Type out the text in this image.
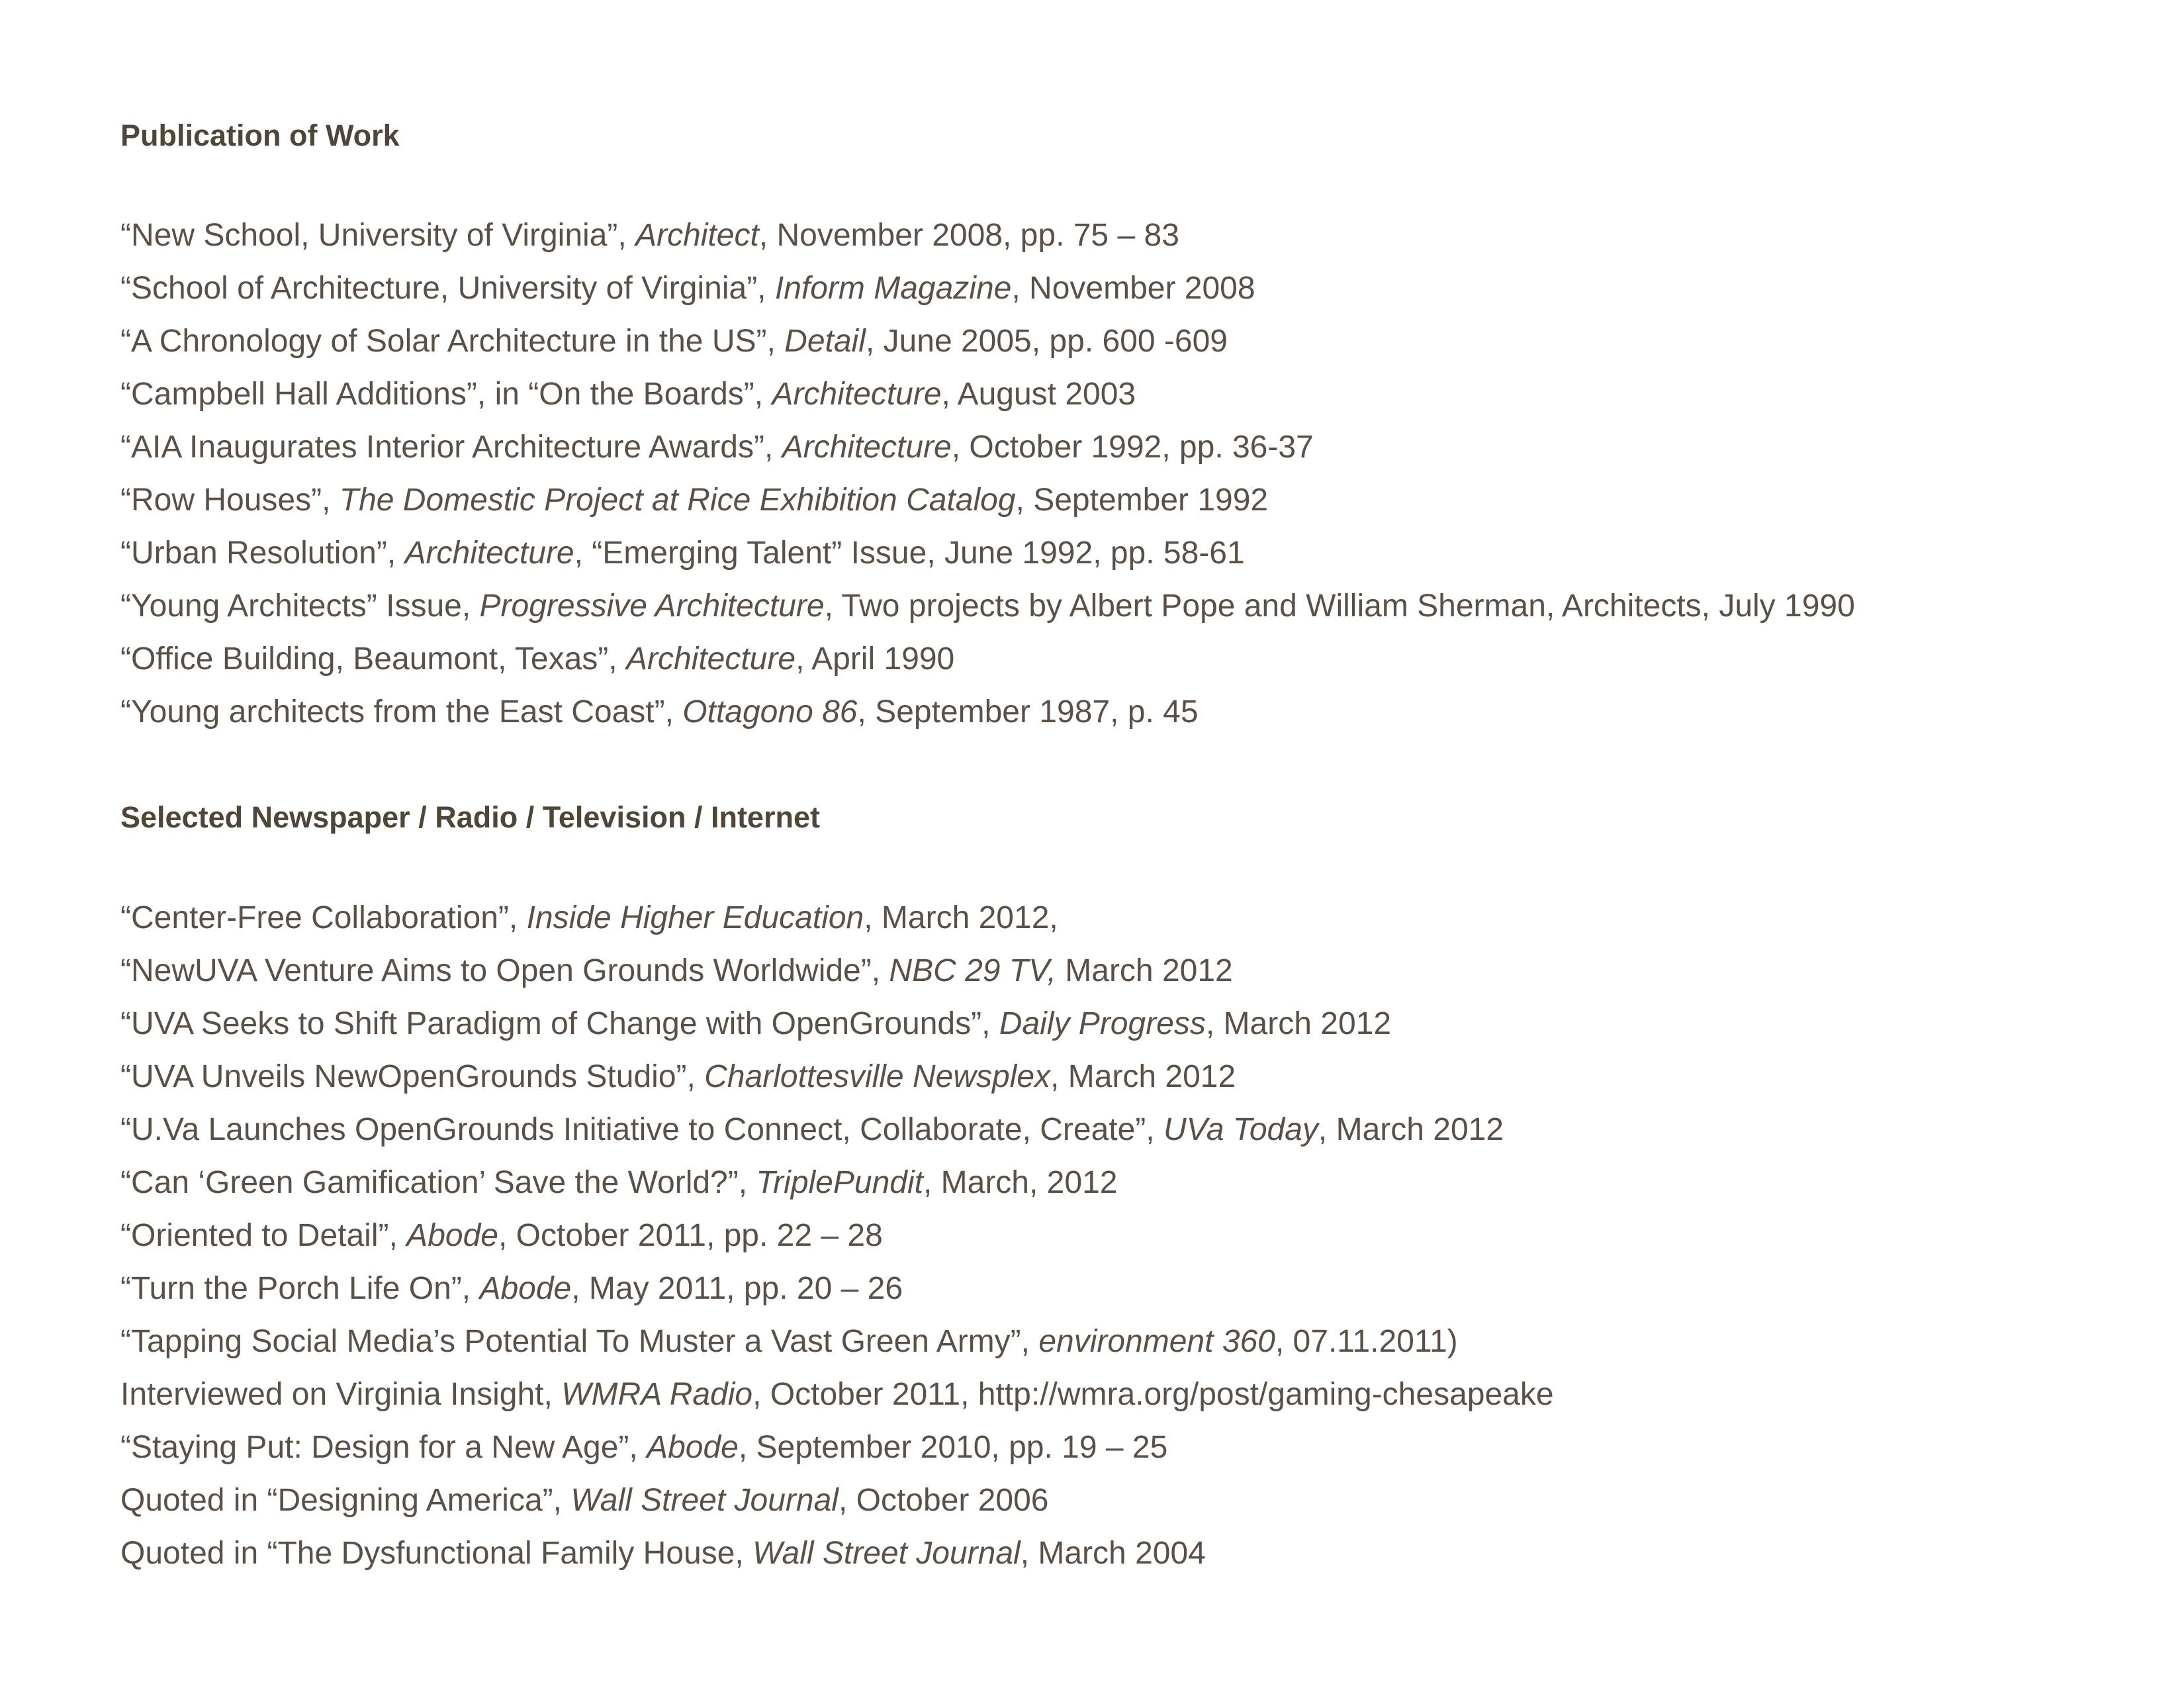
Publication of Work
“New School, University of Virginia”, Architect, November 2008, pp. 75 – 83
“School of Architecture, University of Virginia”, Inform Magazine, November 2008
“A Chronology of Solar Architecture in the US”, Detail, June 2005, pp. 600 -609
“Campbell Hall Additions”, in “On the Boards”, Architecture, August 2003
“AIA Inaugurates Interior Architecture Awards”, Architecture, October 1992, pp. 36-37
“Row Houses”, The Domestic Project at Rice Exhibition Catalog, September 1992
“Urban Resolution”, Architecture, “Emerging Talent” Issue, June 1992, pp. 58-61
“Young Architects” Issue, Progressive Architecture, Two projects by Albert Pope and William Sherman, Architects, July 1990
“Office Building, Beaumont, Texas”, Architecture, April 1990
“Young architects from the East Coast”, Ottagono 86, September 1987, p. 45
Selected Newspaper / Radio / Television / Internet
“Center-Free Collaboration”, Inside Higher Education, March 2012,
“NewUVA Venture Aims to Open Grounds Worldwide”, NBC 29 TV, March 2012
“UVA Seeks to Shift Paradigm of Change with OpenGrounds”, Daily Progress, March 2012
“UVA Unveils NewOpenGrounds Studio”, Charlottesville Newsplex, March 2012
“U.Va Launches OpenGrounds Initiative to Connect, Collaborate, Create”, UVa Today, March 2012
“Can ‘Green Gamification’ Save the World?”, TriplePundit, March, 2012
“Oriented to Detail”, Abode, October 2011, pp. 22 – 28
“Turn the Porch Life On”, Abode, May 2011, pp. 20 – 26
“Tapping Social Media’s Potential To Muster a Vast Green Army”, environment 360, 07.11.2011)
Interviewed on Virginia Insight, WMRA Radio, October 2011, http://wmra.org/post/gaming-chesapeake
“Staying Put: Design for a New Age”, Abode, September 2010, pp. 19 – 25
Quoted in “Designing America”, Wall Street Journal, October 2006
Quoted in “The Dysfunctional Family House, Wall Street Journal, March 2004
